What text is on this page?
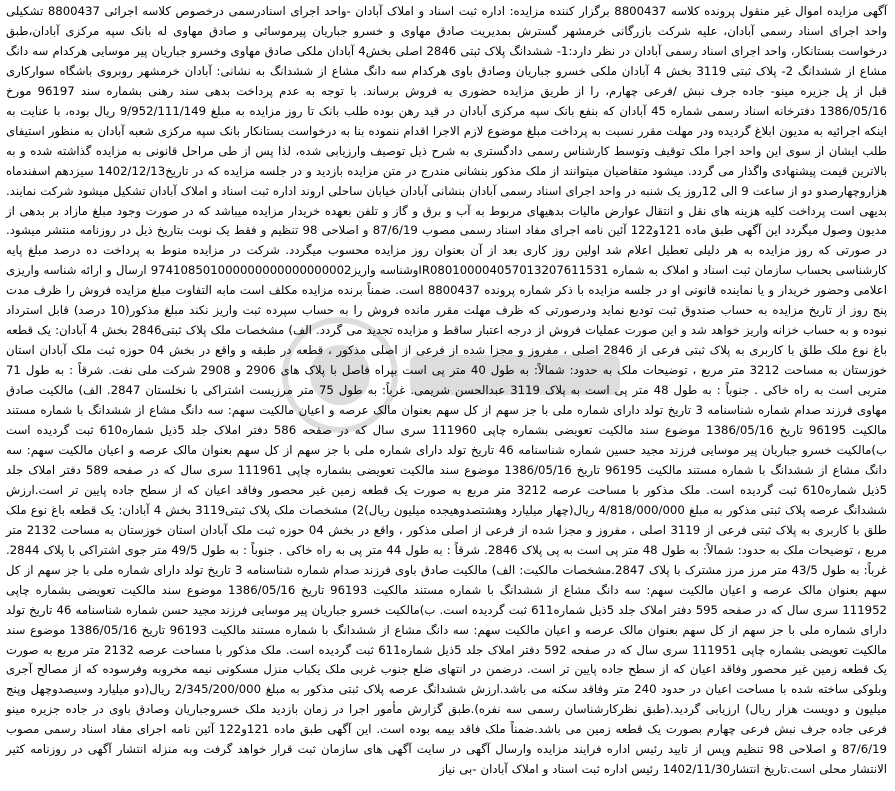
آگهی مزایده اموال غیر منقول پرونده کلاسه 8800437 برگزار کننده مزایده: اداره ثبت اسناد و املاک آبادان -واحد اجرای اسنادرسمی درخصوص کلاسه اجرائی 8800437 تشکیلی واحد اجرای اسناد رسمی آبادان، علیه شرکت بازرگانی خرمشهر گسترش بمدیریت صادق مهاوی و خسرو جباریان پیرموسائی و صادق مهاوی له بانک سپه مرکزی آبادان،طبق درخواست بستانکار، واحد اجرای اسناد رسمی آبادان در نظر دارد:1- ششدانگ پلاک ثبتی 2846 اصلی بخش4 آبادان ملکی صادق مهاوی وخسرو جباریان پیر موسایی هرکدام سه دانگ مشاع از ششدانگ 2- پلاک ثبتی 3119 بخش 4 آبادان ملکی خسرو جباریان وصادق باوی هرکدام سه دانگ مشاع از ششدانگ به نشانی: آبادان خرمشهر روبروی باشگاه سوارکاری قبل از پل جزیره مینو- جاده جرف نبش /فرعی چهارم، را از طریق مزایده حضوری به فروش برساند. با توجه به عدم پرداخت بدهی سند رهنی بشماره سند 96197 مورخ 1386/05/16 دفترخانه اسناد رسمی شماره 45 آبادان که بنفع بانک سپه مرکزی آبادان در قید رهن بوده طلب بانک تا روز مزایده به مبلغ 9/952/111/149 ریال بوده، با عنایت به اینکه اجرائیه به مدیون ابلاغ گردیده ودر مهلت مقرر نسبت به پرداخت مبلغ موضوع لازم الاجرا اقدام ننموده بنا به درخواست بستانکار بانک سپه مرکزی شعبه آبادان به منظور استیفای طلب ایشان از سوی این واحد اجرا ملک توقیف وتوسط کارشناس رسمی دادگستری به شرح ذیل توصیف وارزیابی شده، لذا پس از طی مراحل قانونی به مزایده گذاشته شده و به بالاترین قیمت پیشنهادی واگذار می گردد. میشود متقاضیان میتوانند از ملک مذکور بنشانی مندرج در متن مزایده بازدید و در جلسه مزایده که در تاریخ1402/12/13 سیزدهم اسفندماه هزاروچهارصدو دو از ساعت 9 الی 12روز یک شنبه در واحد اجرای اسناد رسمی آبادان بنشانی آبادان خیابان ساحلی اروند اداره ثبت اسناد و املاک آبادان تشکیل میشود شرکت نمایند. بدیهی است پرداخت کلیه هزینه های نقل و انتقال عوارض مالیات بدهیهای مربوط به آب و برق و گاز و تلفن بعهده خریدار مزایده میباشد که در صورت وجود مبلغ مازاد بر بدهی از مدیون وصول میگردد این آگهی طبق ماده 121و122 آئین نامه اجرای مفاد اسناد رسمی مصوب 87/6/19 و اصلاحی 98 تنظیم و فقط یک نوبت بتاریخ ذیل در روزنامه منتشر میشود. در صورتی که روز مزایده به هر دلیلی تعطیل اعلام شد اولین روز کاری بعد از آن بعنوان روز مزایده محسوب میگردد. شرکت در مزایده منوط به پرداخت ده درصد مبلغ پایه کارشناسی بحساب سازمان ثبت اسناد و املاک به شماره IR080100004057013207611531وشناسه واریز974108501000000000000000002 ارسال و ارائه شناسه واریزی اعلامی وحضور خریدار و یا نماینده قانونی او در جلسه مزایده با ذکر شماره پرونده 8800437 است. ضمناً برنده مزایده مکلف است مابه التفاوت مبلغ مزایده فروش را ظرف مدت پنج روز از تاریخ مزایده به حساب صندوق ثبت تودیع نماید ودرصورتی که ظرف مهلت مقرر مانده فروش را به حساب سپرده ثبت واریز نکند مبلغ مذکور(10 درصد) قابل استرداد نبوده و به حساب خزانه واریز خواهد شد و این صورت عملیات فروش از درجه اعتبار ساقط و مزایده تجدید می گردد. الف) مشخصات ملک پلاک ثبتی2846 بخش 4 آبادان: یک قطعه باغ نوع ملک طلق با کاربری به پلاک ثبتی فرعی از 2846 اصلی ، مفروز و مجزا شده از فرعی از اصلی مذکور ، قطعه در طبقه و واقع در بخش 04 حوزه ثبت ملک آبادان استان خوزستان به مساحت 3212 متر مربع ، توضیحات ملک به حدود: شمالاً: به طول 40 متر پی است بپراه فاصل با پلاک های 2906 و 2908 شرکت ملی نفت. شرقاً : به طول 71 متریی است به راه خاکی . جنوباً : به طول 48 متر پی است به پلاک 3119 عبدالحسن شریمی. غرباً: به طول 75 متر مرزیست اشتراکی با نخلستان 2847. الف) مالکیت صادق مهاوی فرزند صدام شماره شناسنامه 3 تاریخ تولد دارای شماره ملی با جز سهم از کل سهم بعنوان مالک عرصه و اعیان مالکیت سهم: سه دانگ مشاع از ششدانگ با شماره مستند مالکیت 96195 تاریخ 1386/05/16 موضوع سند مالکیت تعویضی بشماره چاپی 111960 سری سال که در صفحه 586 دفتر املاک جلد 5ذیل شماره610 ثبت گردیده است ب)مالکیت خسرو جباریان پیر موسایی فرزند مجید حسین شماره شناسنامه 46 تاریخ تولد دارای شماره ملی با جز سهم از کل سهم بعنوان مالک عرصه و اعیان مالکیت سهم: سه دانگ مشاع از ششدانگ با شماره مستند مالکیت 96195 تاریخ 1386/05/16 موضوع سند مالکیت تعویضی بشماره چاپی 111961 سری سال که در صفحه 589 دفتر املاک جلد 5ذیل شماره610 ثبت گردیده است. ملک مذکور با مساحت عرصه 3212 متر مربع به صورت یک قطعه زمین غیر محصور وفاقد اعیان که از سطح جاده پایین تر است.ارزش ششدانگ عرصه پلاک ثبتی مذکور به مبلغ 4/818/000/000 ریال(چهار میلیارد وهشتصدوهیجده میلیون ریال)2) مشخصات ملک پلاک ثبتی3119 بخش 4 آبادان: یک قطعه باغ نوع ملک طلق با کاربری به پلاک ثبتی فرعی از 3119 اصلی ، مفروز و مجزا شده از فرعی از اصلی مذکور ، واقع در بخش 04 حوزه ثبت ملک آبادان استان خوزستان به مساحت 2132 متر مربع ، توضیحات ملک به حدود: شمالاً: به طول 48 متر پی است به پی پلاک 2846. شرقاً : به طول 44 متر پی به راه خاکی . جنوباً : به طول 49/5 متر جوی اشتراکی با پلاک 2844. غرباً: به طول 43/5 متر مرز مرز مشترک با پلاک 2847.مشخصات مالکیت: الف) مالکیت صادق باوی فرزند صدام شماره شناسنامه 3 تاریخ تولد دارای شماره ملی با جز سهم از کل سهم بعنوان مالک عرصه و اعیان مالکیت سهم: سه دانگ مشاع از ششدانگ با شماره مستند مالکیت 96193 تاریخ 1386/05/16 موضوع سند مالکیت تعویضی بشماره چاپی 111952 سری سال که در صفحه 595 دفتر املاک جلد 5ذیل شماره611 ثبت گردیده است. ب)مالکیت خسرو جباریان پیر موسایی فرزند مجید حسن شماره شناسنامه 46 تاریخ تولد دارای شماره ملی با جز سهم از کل سهم بعنوان مالک عرصه و اعیان مالکیت سهم: سه دانگ مشاع از ششدانگ با شماره مستند مالکیت 96193 تاریخ 1386/05/16 موضوع سند مالکیت تعویضی بشماره چاپی 111951 سری سال که در صفحه 592 دفتر املاک جلد 5ذیل شماره611 ثبت گردیده است. ملک مذکور با مساحت عرصه 2132 متر مربع به صورت یک قطعه زمین غیر محصور وفاقد اعیان که از سطح جاده پایین تر است. درضمن در انتهای ضلع جنوب غربی ملک یکباب منزل مسکونی نیمه مخروبه وفرسوده که از مصالح آجری وبلوکی ساخته شده با مساحت اعیان در حدود 240 متر وفاقد سکنه می باشد.ارزش ششدانگ عرصه پلاک ثبتی مذکور به مبلغ 2/345/200/000 ریال(دو میلیارد وسیصدوچهل وپنج میلیون و دویست هزار ریال) ارزیابی گردید.(طبق نظرکارشناسان رسمی سه نفره).طبق گزارش مأمور اجرا در زمان بازدید ملک خسروجباریان وصادق باوی در جاده جزیره مینو فرعی جاده جرف نبش فرعی چهارم بصورت یک قطعه زمین می باشد.ضمناً ملک فاقد بیمه بوده است. این آگهی طبق ماده 121و122 آئین نامه اجرای مفاد اسناد رسمی مصوب 87/6/19 و اصلاحی 98 تنظیم وپس از تایید رئیس اداره فرایند مزایده وارسال آگهی در سایت آگهی های سازمان ثبت قرار خواهد گرفت وبه منزله انتشار آگهی در روزنامه کثیر الانتشار محلی است.تاریخ انتشار1402/11/30 رئیس اداره ثبت اسناد و املاک آبادان -بی نیاز
